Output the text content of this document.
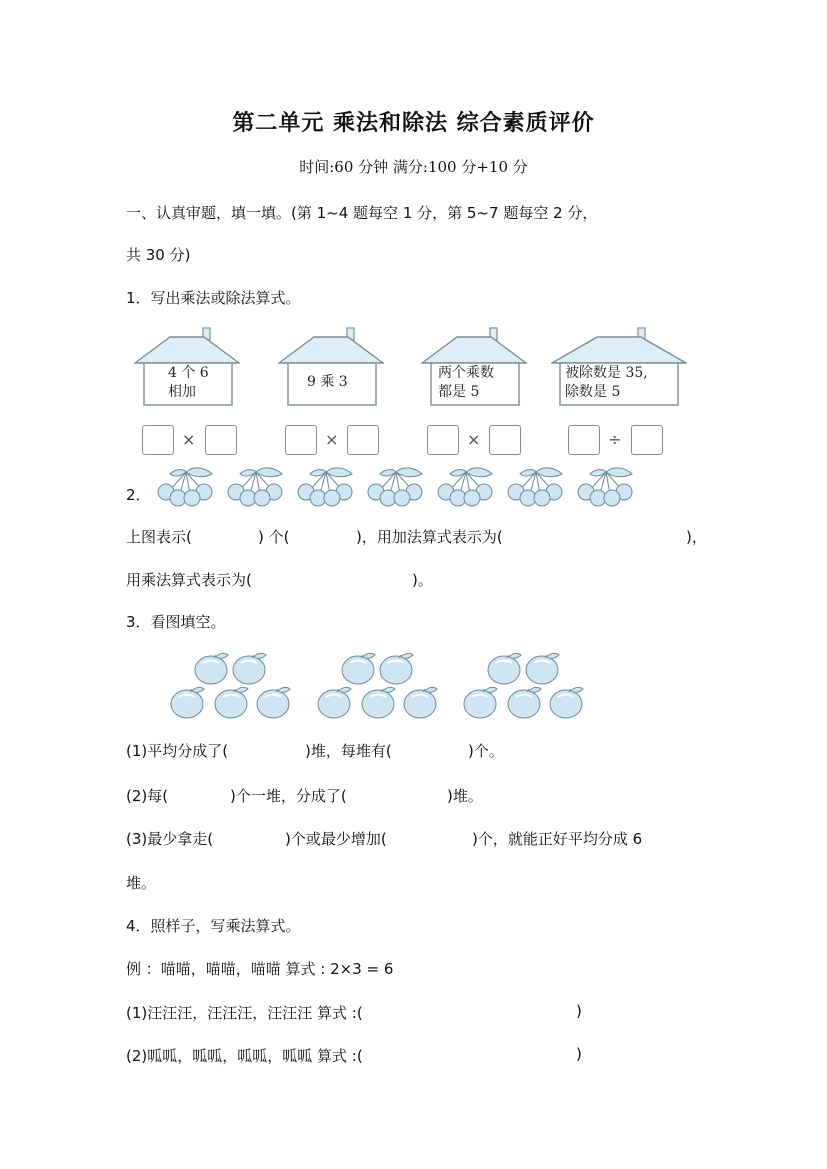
第二单元 乘法和除法 综合素质评价
时间:60 分钟 满分:100 分+10 分
一、认真审题，填一填。(第 1~4 题每空 1 分，第 5~7 题每空 2 分，
共 30 分)
1．写出乘法或除法算式。
4 个 6
相加
×
9 乘 3
×
两个乘数
都是 5
×
被除数是 35,
除数是 5
÷
2．
上图表示(	) 个(	)，用加法算式表示为(	)，
用乘法算式表示为(	)。
3．看图填空。
(1)平均分成了(	)堆，每堆有(	)个。
(2)每(	)个一堆，分成了(	)堆。
(3)最少拿走(	)个或最少增加(	)个，就能正好平均分成 6
堆。
4．照样子，写乘法算式。
例 ：喵喵，喵喵，喵喵 算式 : 2×3 = 6
(1)汪汪汪，汪汪汪，汪汪汪 算式 :(	)
(2)呱呱，呱呱，呱呱，呱呱 算式 :(	)
